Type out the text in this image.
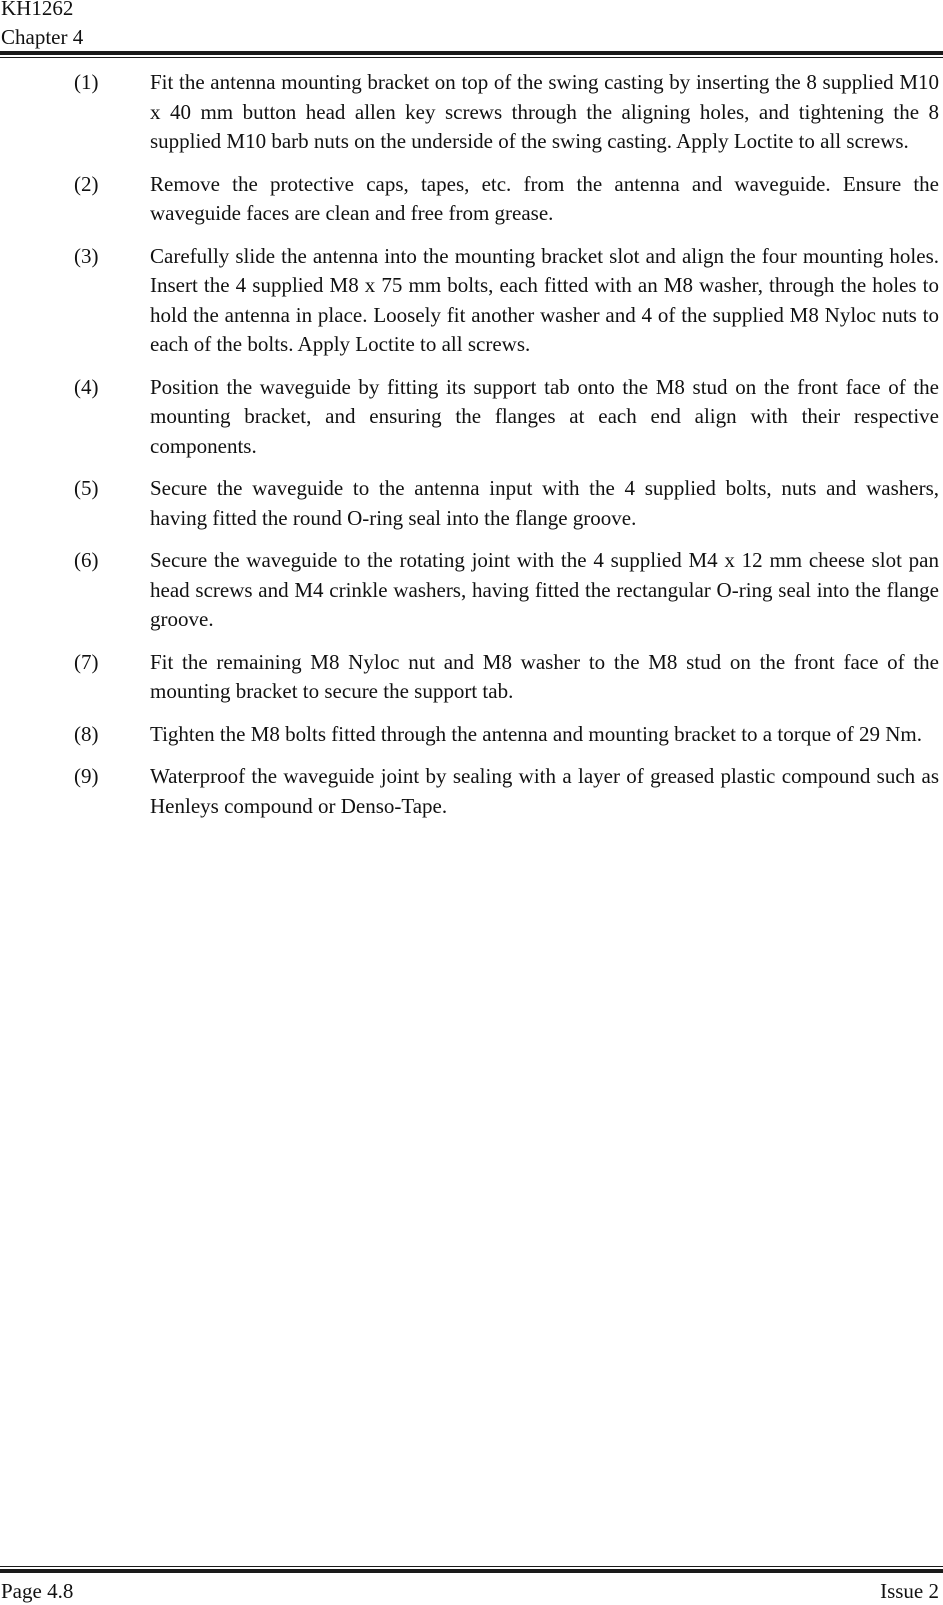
KH1262

Chapter 4

(1)	Fit the antenna mounting bracket on top of the swing casting by inserting the 8 supplied M10 x 40 mm button head allen key screws through the aligning holes, and tightening the 8 supplied M10 barb nuts on the underside of the swing casting. Apply Loctite to all screws.

(2)	Remove the protective caps, tapes, etc. from the antenna and waveguide. Ensure the waveguide faces are clean and free from grease.

(3)	Carefully slide the antenna into the mounting bracket slot and align the four mounting holes. Insert the 4 supplied M8 x 75 mm bolts, each fitted with an M8 washer, through the holes to hold the antenna in place. Loosely fit another washer and 4 of the supplied M8 Nyloc nuts to each of the bolts. Apply Loctite to all screws.

(4)	Position the waveguide by fitting its support tab onto the M8 stud on the front face of the mounting bracket, and ensuring the flanges at each end align with their respective components.

(5)	Secure the waveguide to the antenna input with the 4 supplied bolts, nuts and washers, having fitted the round O-ring seal into the flange groove.

(6)	Secure the waveguide to the rotating joint with the 4 supplied M4 x 12 mm cheese slot pan head screws and M4 crinkle washers, having fitted the rectangular O-ring seal into the flange groove.

(7)	Fit the remaining M8 Nyloc nut and M8 washer to the M8 stud on the front face of the mounting bracket to secure the support tab.

(8)	Tighten the M8 bolts fitted through the antenna and mounting bracket to a torque of 29 Nm.

(9)	Waterproof the waveguide joint by sealing with a layer of greased plastic compound such as Henleys compound or Denso-Tape.

Page 4.8	Issue 2
